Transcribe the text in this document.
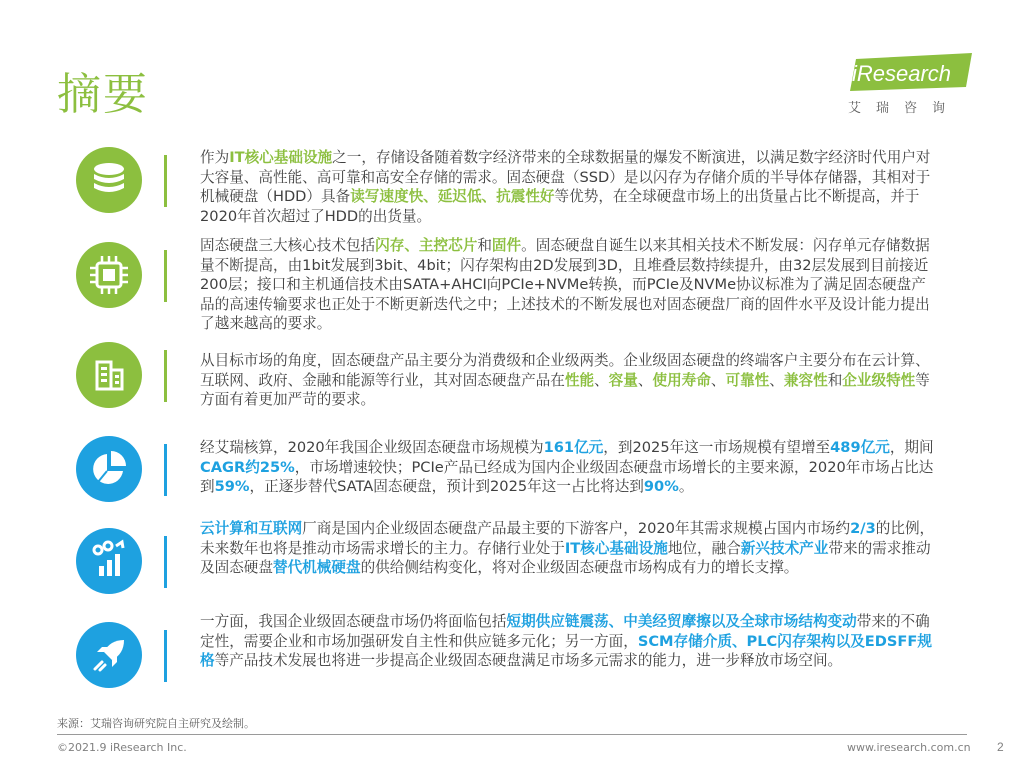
摘要	iResearch
艾瑞咨询

作为IT核心基础设施之一，存储设备随着数字经济带来的全球数据量的爆发不断演进，以满足数字经济时代用户对大容量、高性能、高可靠和高安全存储的需求。固态硬盘（SSD）是以闪存为存储介质的半导体存储器，其相对于机械硬盘（HDD）具备读写速度快、延迟低、抗震性好等优势，在全球硬盘市场上的出货量占比不断提高，并于2020年首次超过了HDD的出货量。

固态硬盘三大核心技术包括闪存、主控芯片和固件。固态硬盘自诞生以来其相关技术不断发展：闪存单元存储数据量不断提高，由1bit发展到3bit、4bit；闪存架构由2D发展到3D，且堆叠层数持续提升，由32层发展到目前接近200层；接口和主机通信技术由SATA+AHCI向PCIe+NVMe转换，而PCIe及NVMe协议标准为了满足固态硬盘产品的高速传输要求也正处于不断更新迭代之中；上述技术的不断发展也对固态硬盘厂商的固件水平及设计能力提出了越来越高的要求。

从目标市场的角度，固态硬盘产品主要分为消费级和企业级两类。企业级固态硬盘的终端客户主要分布在云计算、互联网、政府、金融和能源等行业，其对固态硬盘产品在性能、容量、使用寿命、可靠性、兼容性和企业级特性等方面有着更加严苛的要求。

经艾瑞核算，2020年我国企业级固态硬盘市场规模为161亿元，到2025年这一市场规模有望增至489亿元，期间CAGR约25%，市场增速较快；PCIe产品已经成为国内企业级固态硬盘市场增长的主要来源，2020年市场占比达到59%，正逐步替代SATA固态硬盘，预计到2025年这一占比将达到90%。

云计算和互联网厂商是国内企业级固态硬盘产品最主要的下游客户，2020年其需求规模占国内市场约2/3的比例，未来数年也将是推动市场需求增长的主力。存储行业处于IT核心基础设施地位，融合新兴技术产业带来的需求推动及固态硬盘替代机械硬盘的供给侧结构变化，将对企业级固态硬盘市场构成有力的增长支撑。

一方面，我国企业级固态硬盘市场仍将面临包括短期供应链震荡、中美经贸摩擦以及全球市场结构变动带来的不确定性，需要企业和市场加强研发自主性和供应链多元化；另一方面，SCM存储介质、PLC闪存架构以及EDSFF规格等产品技术发展也将进一步提高企业级固态硬盘满足市场多元需求的能力，进一步释放市场空间。

来源：艾瑞咨询研究院自主研究及绘制。
©2021.9 iResearch Inc.	www.iresearch.com.cn 2
